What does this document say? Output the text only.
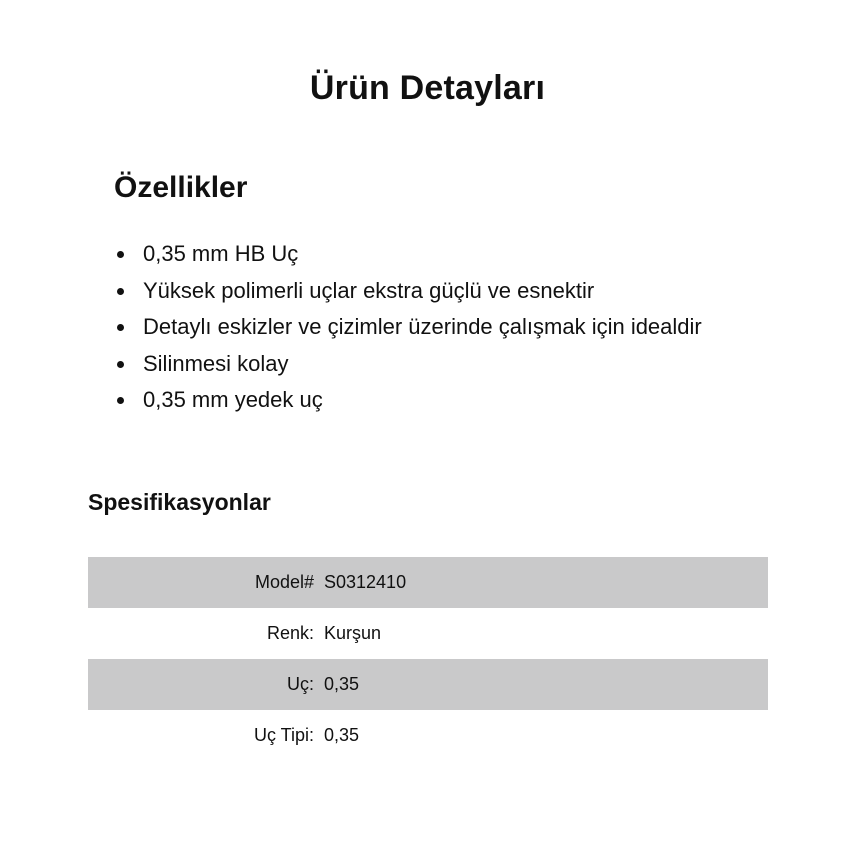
Ürün Detayları
Özellikler
0,35 mm HB Uç
Yüksek polimerli uçlar ekstra güçlü ve esnektir
Detaylı eskizler ve çizimler üzerinde çalışmak için idealdir
Silinmesi kolay
0,35 mm yedek uç
Spesifikasyonlar
Model# S0312410
Renk: Kurşun
Uç: 0,35
Uç Tipi: 0,35
